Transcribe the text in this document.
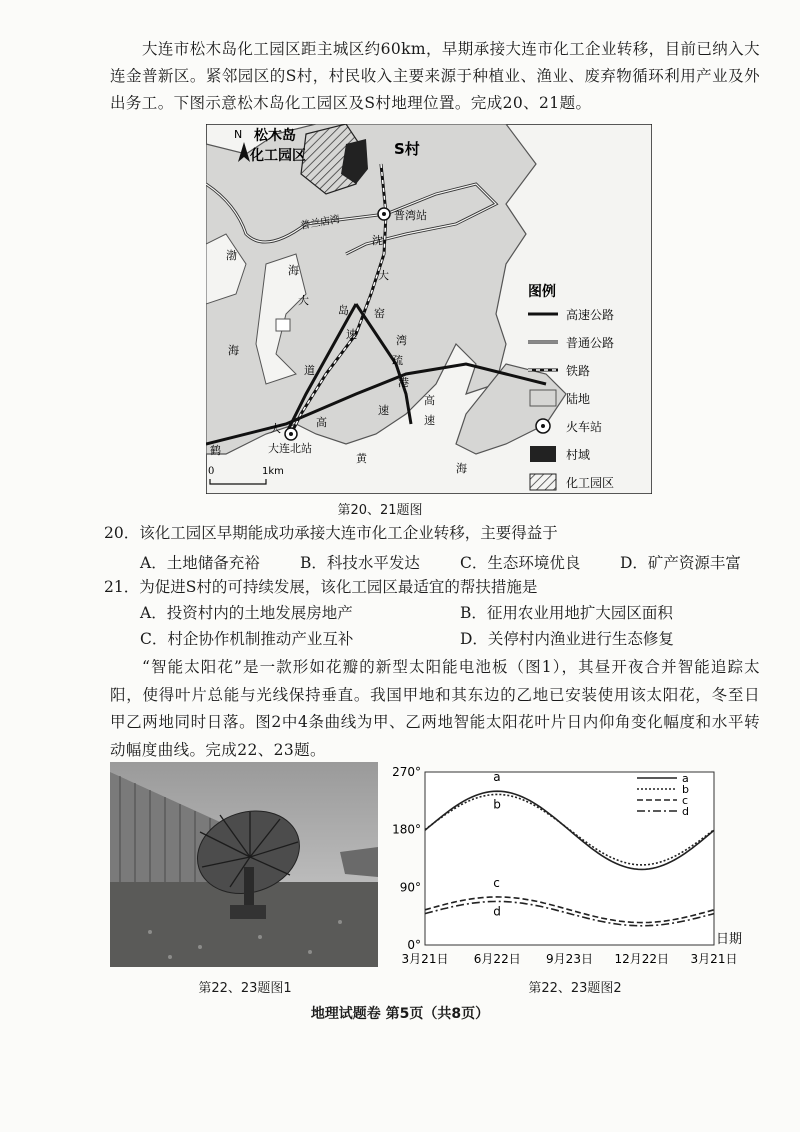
大连市松木岛化工园区距主城区约60km，早期承接大连市化工企业转移，目前已纳入大连金普新区。紧邻园区的S村，村民收入主要来源于种植业、渔业、废弃物循环利用产业及外出务工。下图示意松木岛化工园区及S村地理位置。完成20、21题。

N 松木岛
化工园区	S村
普湾站
普兰店湾
渤
海
海
鹤
沈
大
岛
速
道
高
大
窑
湾
疏
港
速
高
速
大
黄
海
大连北站
0	1km
图例
高速公路
普通公路
铁路
陆地
火车站
村域
化工园区
第20、21题图
20．该化工园区早期能成功承接大连市化工企业转移，主要得益于
A．土地储备充裕	B．科技水平发达	C．生态环境优良	D．矿产资源丰富
21．为促进S村的可持续发展，该化工园区最适宜的帮扶措施是
A．投资村内的土地发展房地产	B．征用农业用地扩大园区面积
C．村企协作机制推动产业互补	D．关停村内渔业进行生态修复

“智能太阳花”是一款形如花瓣的新型太阳能电池板（图1），其昼开夜合并智能追踪太阳，使得叶片总能与光线保持垂直。我国甲地和其东边的乙地已安装使用该太阳花，冬至日甲乙两地同时日落。图2中4条曲线为甲、乙两地智能太阳花叶片日内仰角变化幅度和水平转动幅度曲线。完成22、23题。

第22、23题图1
0°
90°
180°
270°
3月21日 6月22日 9月23日 12月22日 3月21日
日期
a
b
c
d
a
b
c
d
第22、23题图2
地理试题卷 第5页（共8页）
